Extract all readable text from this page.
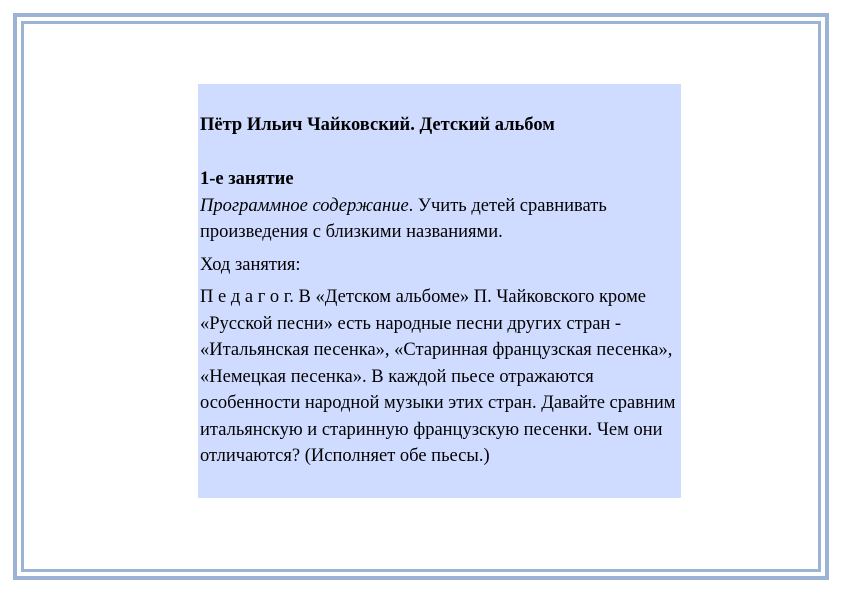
Пётр Ильич Чайковский. Детский альбом

1-е занятие

Программное содержание. Учить детей сравнивать произведения с близкими названиями.

Ход занятия:

П е д а г о г. В «Детском альбоме» П. Чайковского кроме «Русской песни» есть народные песни других стран - «Итальянская песенка», «Старинная французская песенка», «Немецкая песенка». В каждой пьесе отражаются особенности народной музыки этих стран. Давайте сравним итальянскую и старинную французскую песенки. Чем они отличаются? (Исполняет обе пьесы.)
